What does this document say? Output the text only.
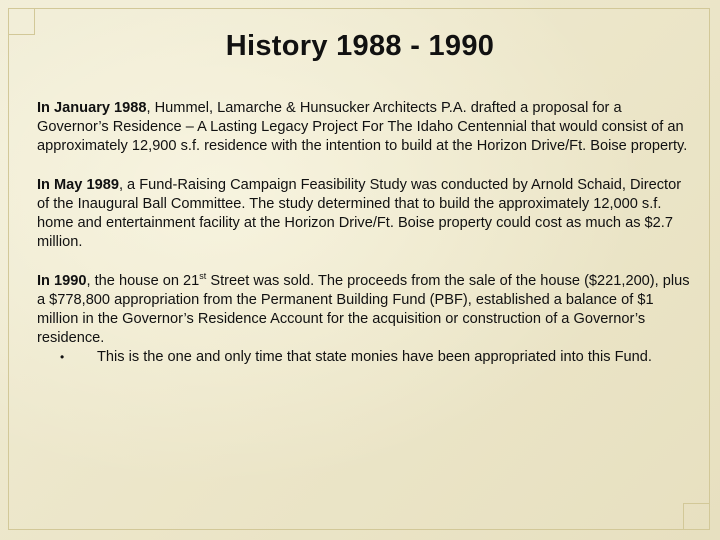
History 1988 - 1990

In January 1988, Hummel, Lamarche & Hunsucker Architects P.A. drafted a proposal for a Governor’s Residence – A Lasting Legacy Project For The Idaho Centennial that would consist of an approximately 12,900 s.f. residence with the intention to build at the Horizon Drive/Ft. Boise property.

In May 1989, a Fund-Raising Campaign Feasibility Study was conducted by Arnold Schaid, Director of the Inaugural Ball Committee. The study determined that to build the approximately 12,000 s.f. home and entertainment facility at the Horizon Drive/Ft. Boise property could cost as much as $2.7 million.

In 1990, the house on 21st Street was sold. The proceeds from the sale of the house ($221,200), plus a $778,800 appropriation from the Permanent Building Fund (PBF), established a balance of $1 million in the Governor’s Residence Account for the acquisition or construction of a Governor’s residence.

•	This is the one and only time that state monies have been appropriated into this Fund.
